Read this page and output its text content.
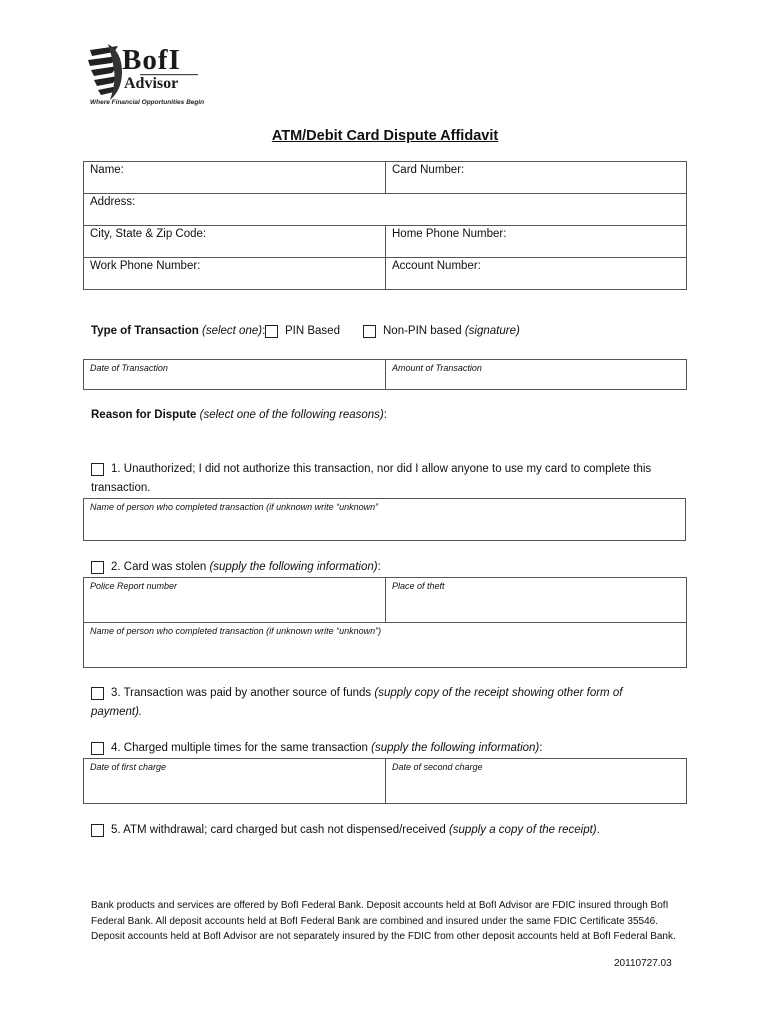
BofI
Advisor
Where Financial Opportunities Begin
ATM/Debit Card Dispute Affidavit
Name:	Card Number:
Address:	
City, State & Zip Code:	Home Phone Number:
Work Phone Number:	Account Number:
Type of Transaction (select one): PIN Based	Non-PIN based (signature)
Date of Transaction	Amount of Transaction
Reason for Dispute (select one of the following reasons):
1. Unauthorized; I did not authorize this transaction, nor did I allow anyone to use my card to complete this
transaction.
Name of person who completed transaction (if unknown write “unknown”
2. Card was stolen (supply the following information):
Police Report number	Place of theft
Name of person who completed transaction (if unknown write “unknown”)
3. Transaction was paid by another source of funds (supply copy of the receipt showing other form of
payment).
4. Charged multiple times for the same transaction (supply the following information):
Date of first charge	Date of second charge
5. ATM withdrawal; card charged but cash not dispensed/received (supply a copy of the receipt).
Bank products and services are offered by BofI Federal Bank. Deposit accounts held at BofI Advisor are FDIC insured through BofI Federal Bank. All deposit accounts held at BofI Federal Bank are combined and insured under the same FDIC Certificate 35546. Deposit accounts held at BofI Advisor are not separately insured by the FDIC from other deposit accounts held at BofI Federal Bank.
20110727.03
